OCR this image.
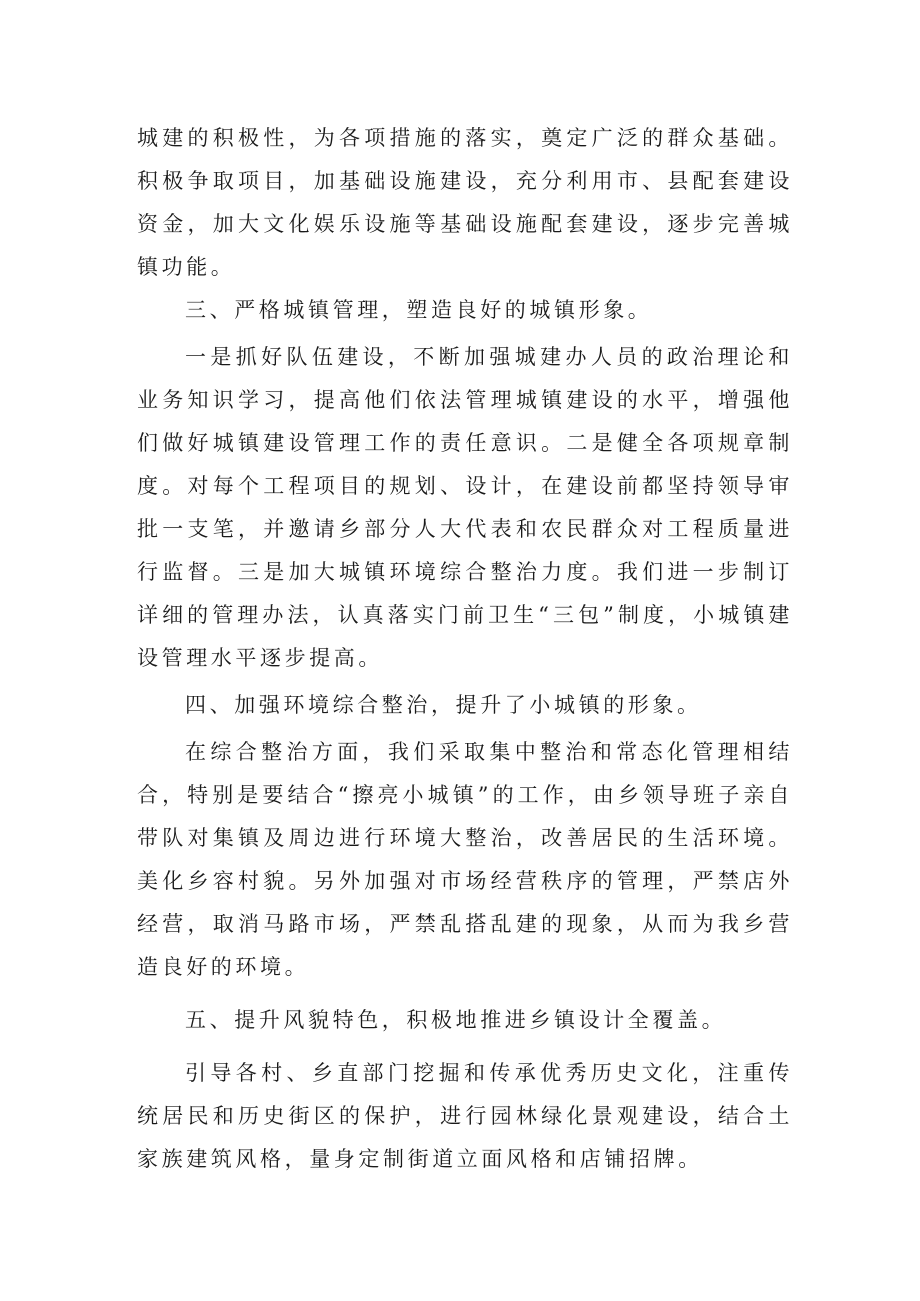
城建的积极性，为各项措施的落实，奠定广泛的群众基础。积极争取项目，加基础设施建设，充分利用市、县配套建设资金，加大文化娱乐设施等基础设施配套建设，逐步完善城镇功能。

三、严格城镇管理，塑造良好的城镇形象。

一是抓好队伍建设，不断加强城建办人员的政治理论和业务知识学习，提高他们依法管理城镇建设的水平，增强他们做好城镇建设管理工作的责任意识。二是健全各项规章制度。对每个工程项目的规划、设计，在建设前都坚持领导审批一支笔，并邀请乡部分人大代表和农民群众对工程质量进行监督。三是加大城镇环境综合整治力度。我们进一步制订详细的管理办法，认真落实门前卫生“三包”制度，小城镇建设管理水平逐步提高。

四、加强环境综合整治，提升了小城镇的形象。

在综合整治方面，我们采取集中整治和常态化管理相结合，特别是要结合“擦亮小城镇”的工作，由乡领导班子亲自带队对集镇及周边进行环境大整治，改善居民的生活环境。美化乡容村貌。另外加强对市场经营秩序的管理，严禁店外经营，取消马路市场，严禁乱搭乱建的现象，从而为我乡营造良好的环境。

五、提升风貌特色，积极地推进乡镇设计全覆盖。

引导各村、乡直部门挖掘和传承优秀历史文化，注重传统居民和历史街区的保护，进行园林绿化景观建设，结合土家族建筑风格，量身定制街道立面风格和店铺招牌。
